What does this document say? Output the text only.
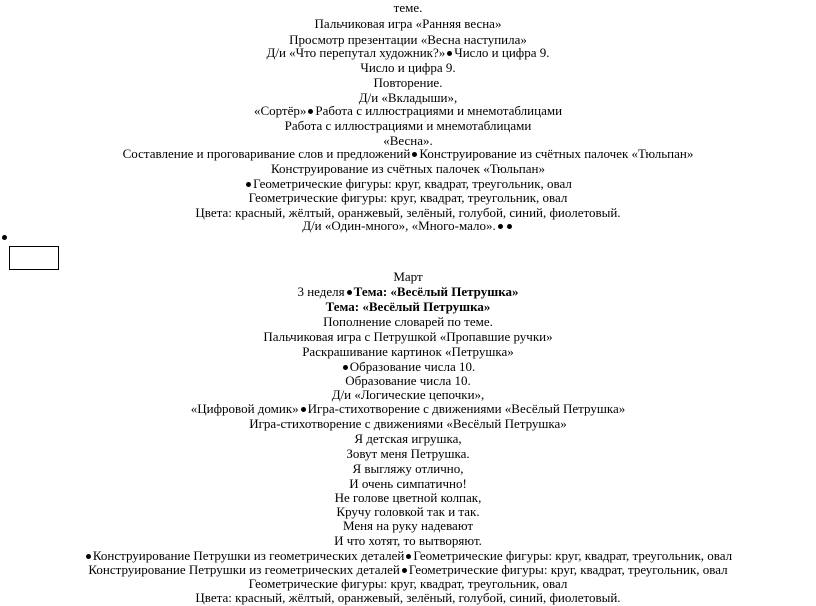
теме.
Пальчиковая игра «Ранняя весна»
Просмотр презентации «Весна наступила»
Д/и «Что перепутал художник?» Число и цифра 9.
Число и цифра 9.
Повторение.
Д/и «Вкладыши»,
«Сортёр» Работа с иллюстрациями и мнемотаблицами
Работа с иллюстрациями и мнемотаблицами
«Весна».
Составление и проговаривание слов и предложений Конструирование из счётных палочек «Тюльпан»
Конструирование из счётных палочек «Тюльпан»
Геометрические фигуры: круг, квадрат, треугольник, овал
Геометрические фигуры: круг, квадрат, треугольник, овал
Цвета: красный, жёлтый, оранжевый, зелёный, голубой, синий, фиолетовый.
Д/и «Один-много», «Много-мало».
Март
3 неделя Тема: «Весёлый Петрушка»
Тема: «Весёлый Петрушка»
Пополнение словарей по теме.
Пальчиковая игра с Петрушкой «Пропавшие ручки»
Раскрашивание картинок «Петрушка»
Образование числа 10.
Образование числа 10.
Д/и «Логические цепочки»,
«Цифровой домик» Игра-стихотворение с движениями «Весёлый Петрушка»
Игра-стихотворение с движениями «Весёлый Петрушка»
Я детская игрушка,
Зовут меня Петрушка.
Я выгляжу отлично,
И очень симпатично!
Не голове цветной колпак,
Кручу головкой так и так.
Меня на руку надевают
И что хотят, то вытворяют.
Конструирование Петрушки из геометрических деталей Геометрические фигуры: круг, квадрат, треугольник, овал
Конструирование Петрушки из геометрических деталей Геометрические фигуры: круг, квадрат, треугольник, овал
Геометрические фигуры: круг, квадрат, треугольник, овал
Цвета: красный, жёлтый, оранжевый, зелёный, голубой, синий, фиолетовый.
